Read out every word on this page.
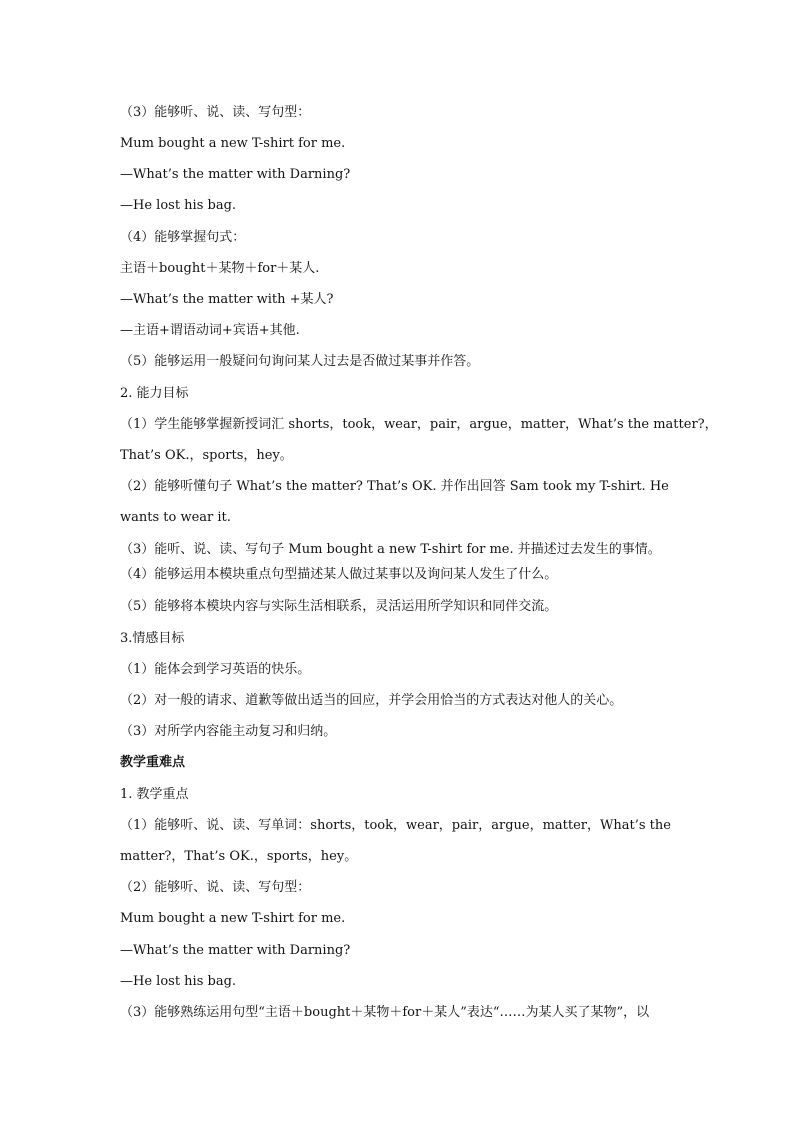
（3）能够听、说、读、写句型：
Mum bought a new T-shirt for me.
—What’s the matter with Darning?
—He lost his bag.
（4）能够掌握句式：
主语＋bought＋某物＋for＋某人.
—What’s the matter with +某人?
—主语+谓语动词+宾语+其他.
（5）能够运用一般疑问句询问某人过去是否做过某事并作答。
2. 能力目标
（1）学生能够掌握新授词汇 shorts，took，wear，pair，argue，matter，What’s the matter?，
That’s OK.，sports，hey。
（2）能够听懂句子 What’s the matter? That’s OK. 并作出回答 Sam took my T-shirt. He
wants to wear it.
（3）能听、说、读、写句子 Mum bought a new T-shirt for me. 并描述过去发生的事情。
（4）能够运用本模块重点句型描述某人做过某事以及询问某人发生了什么。
（5）能够将本模块内容与实际生活相联系，灵活运用所学知识和同伴交流。
3.情感目标
（1）能体会到学习英语的快乐。
（2）对一般的请求、道歉等做出适当的回应，并学会用恰当的方式表达对他人的关心。
（3）对所学内容能主动复习和归纳。
教学重难点
1. 教学重点
（1）能够听、说、读、写单词：shorts，took，wear，pair，argue，matter，What’s the
matter?，That’s OK.，sports，hey。
（2）能够听、说、读、写句型：
Mum bought a new T-shirt for me.
—What’s the matter with Darning?
—He lost his bag.
（3）能够熟练运用句型“主语＋bought＋某物＋for＋某人”表达“……为某人买了某物”，以
